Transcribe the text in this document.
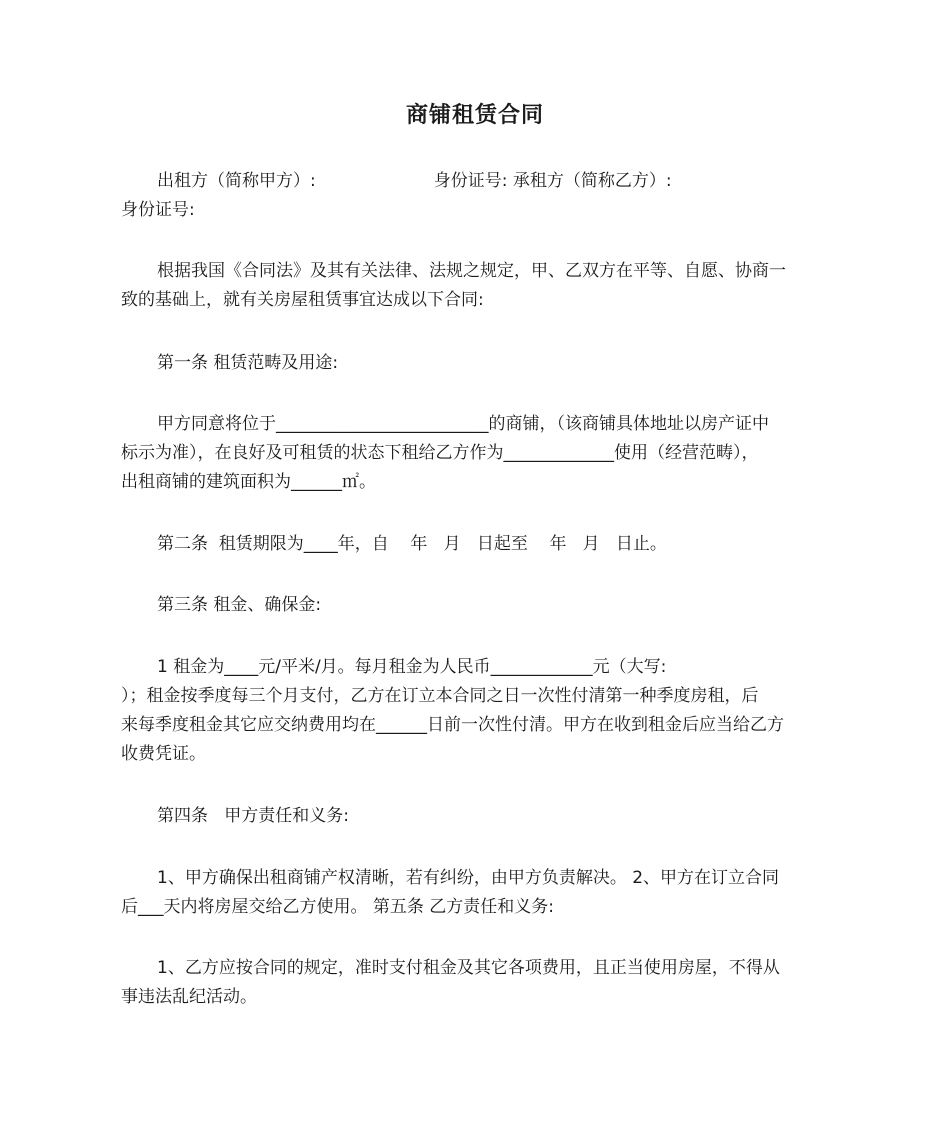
商铺租赁合同
出租方（简称甲方）:	身份证号: 承租方（简称乙方）:
身份证号:
根据我国《合同法》及其有关法律、法规之规定，甲、乙双方在平等、自愿、协商一
致的基础上，就有关房屋租赁事宜达成以下合同:
第一条 租赁范畴及用途:
甲方同意将位于_________________________的商铺，（该商铺具体地址以房产证中
标示为准），在良好及可租赁的状态下租给乙方作为_____________使用（经营范畴），
出租商铺的建筑面积为______㎡。
第二条  租赁期限为____年，自    年   月   日起至    年   月   日止。
第三条 租金、确保金:
1 租金为____元/平米/月。每月租金为人民币____________元（大写:
）；租金按季度每三个月支付，乙方在订立本合同之日一次性付清第一种季度房租，后
来每季度租金其它应交纳费用均在______日前一次性付清。甲方在收到租金后应当给乙方
收费凭证。
第四条   甲方责任和义务:
1、甲方确保出租商铺产权清晰，若有纠纷，由甲方负责解决。 2、甲方在订立合同
后___天内将房屋交给乙方使用。 第五条 乙方责任和义务:
1、乙方应按合同的规定，准时支付租金及其它各项费用，且正当使用房屋，不得从
事违法乱纪活动。
